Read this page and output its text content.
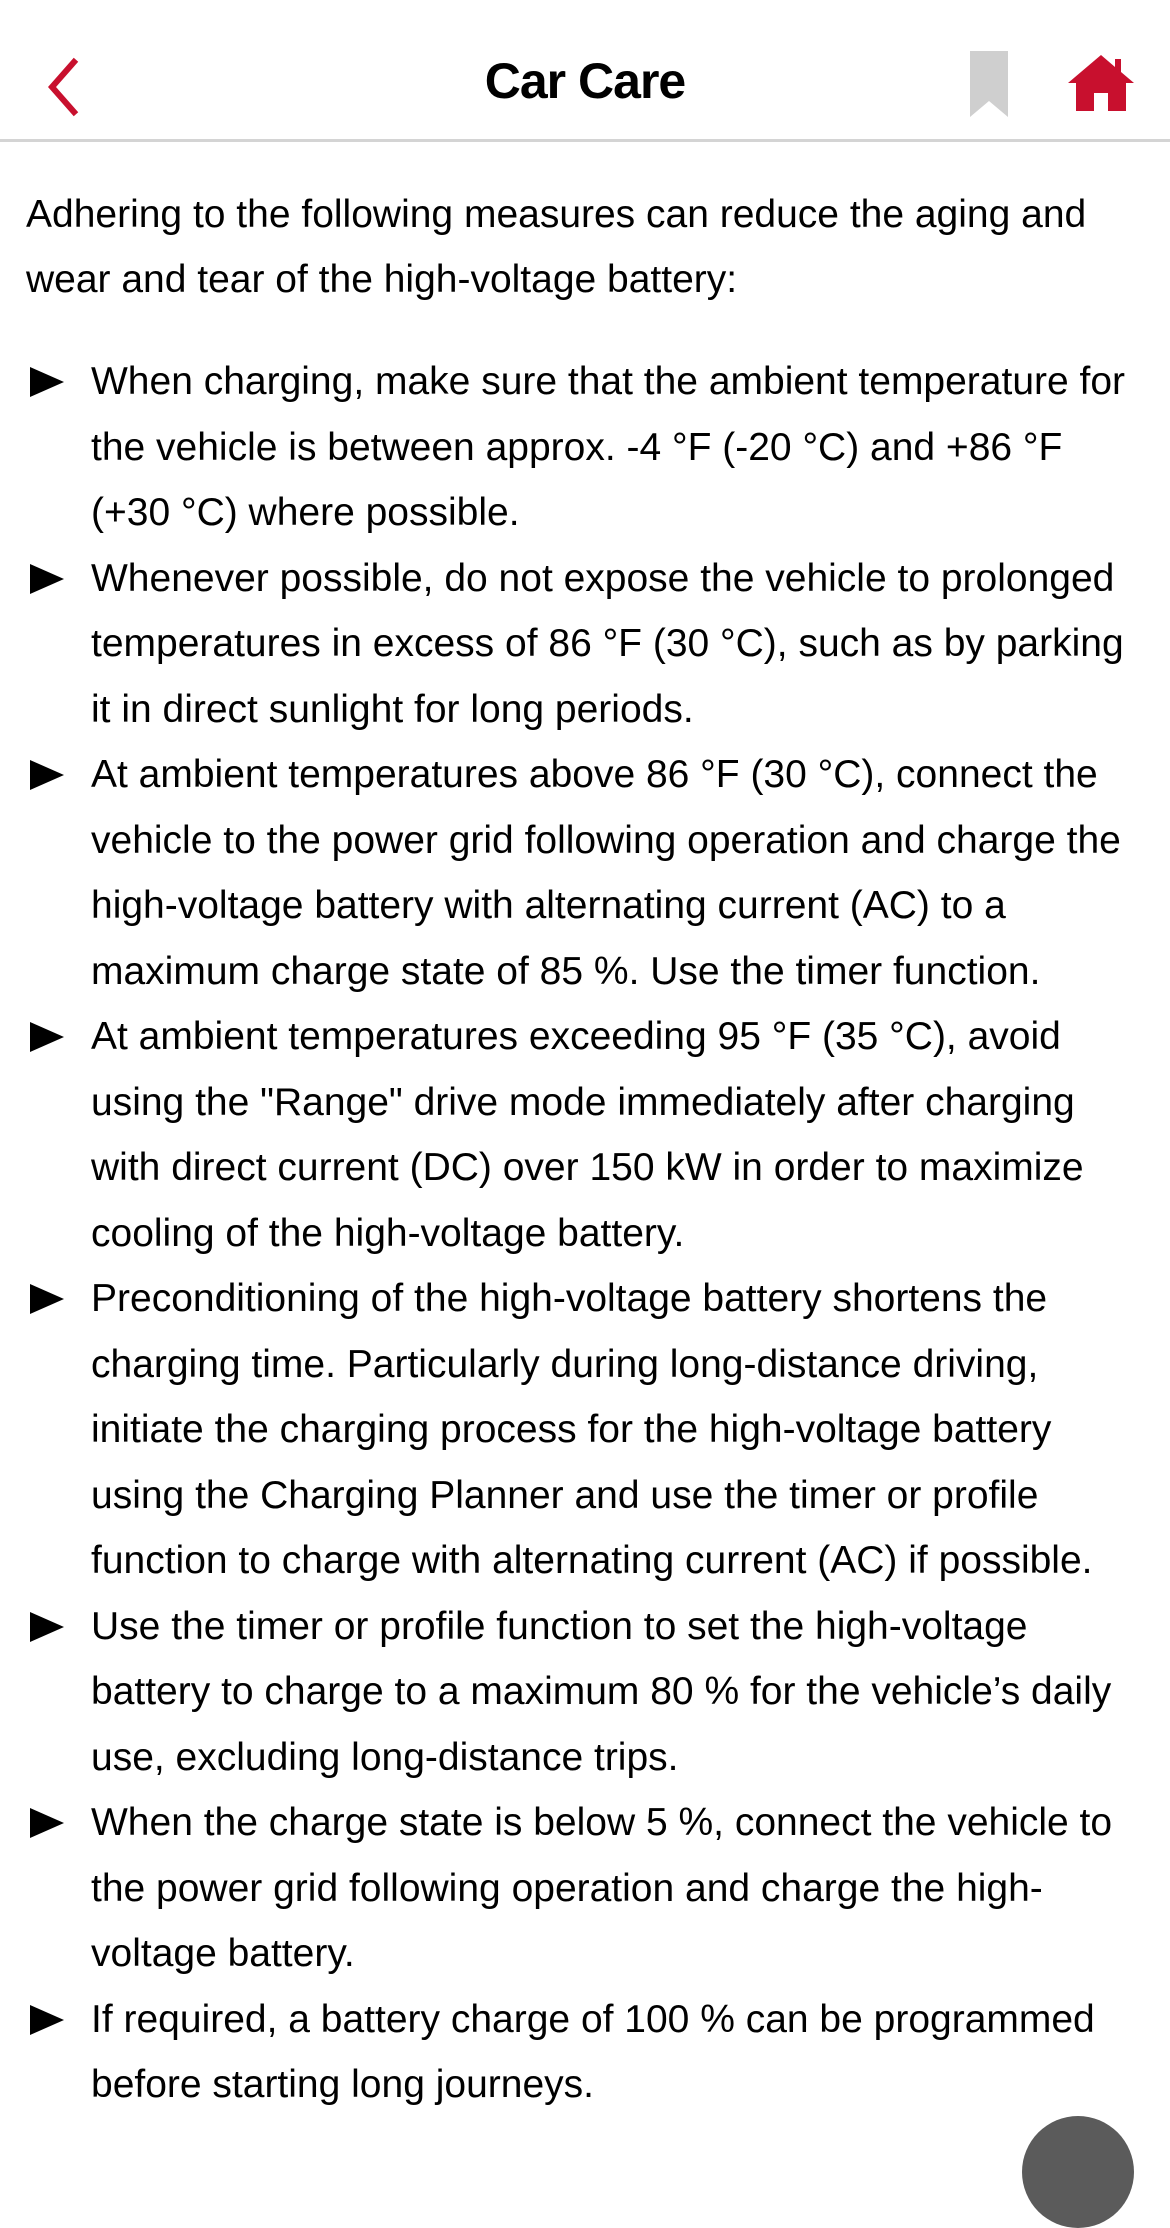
Car Care

Adhering to the following measures can reduce the aging and wear and tear of the high-voltage battery:

When charging, make sure that the ambient temperature for the vehicle is between approx. -4 °F (-20 °C) and +86 °F (+30 °C) where possible.
Whenever possible, do not expose the vehicle to prolonged temperatures in excess of 86 °F (30 °C), such as by parking it in direct sunlight for long periods.
At ambient temperatures above 86 °F (30 °C), connect the vehicle to the power grid following operation and charge the high-voltage battery with alternating current (AC) to a maximum charge state of 85 %. Use the timer function.
At ambient temperatures exceeding 95 °F (35 °C), avoid using the "Range" drive mode immediately after charging with direct current (DC) over 150 kW in order to maximize cooling of the high-voltage battery.
Preconditioning of the high-voltage battery shortens the charging time. Particularly during long-distance driving, initiate the charging process for the high-voltage battery using the Charging Planner and use the timer or profile function to charge with alternating current (AC) if possible.
Use the timer or profile function to set the high-voltage battery to charge to a maximum 80 % for the vehicle’s daily use, excluding long-distance trips.
When the charge state is below 5 %, connect the vehicle to the power grid following operation and charge the high-voltage battery.
If required, a battery charge of 100 % can be programmed before starting long journeys.
